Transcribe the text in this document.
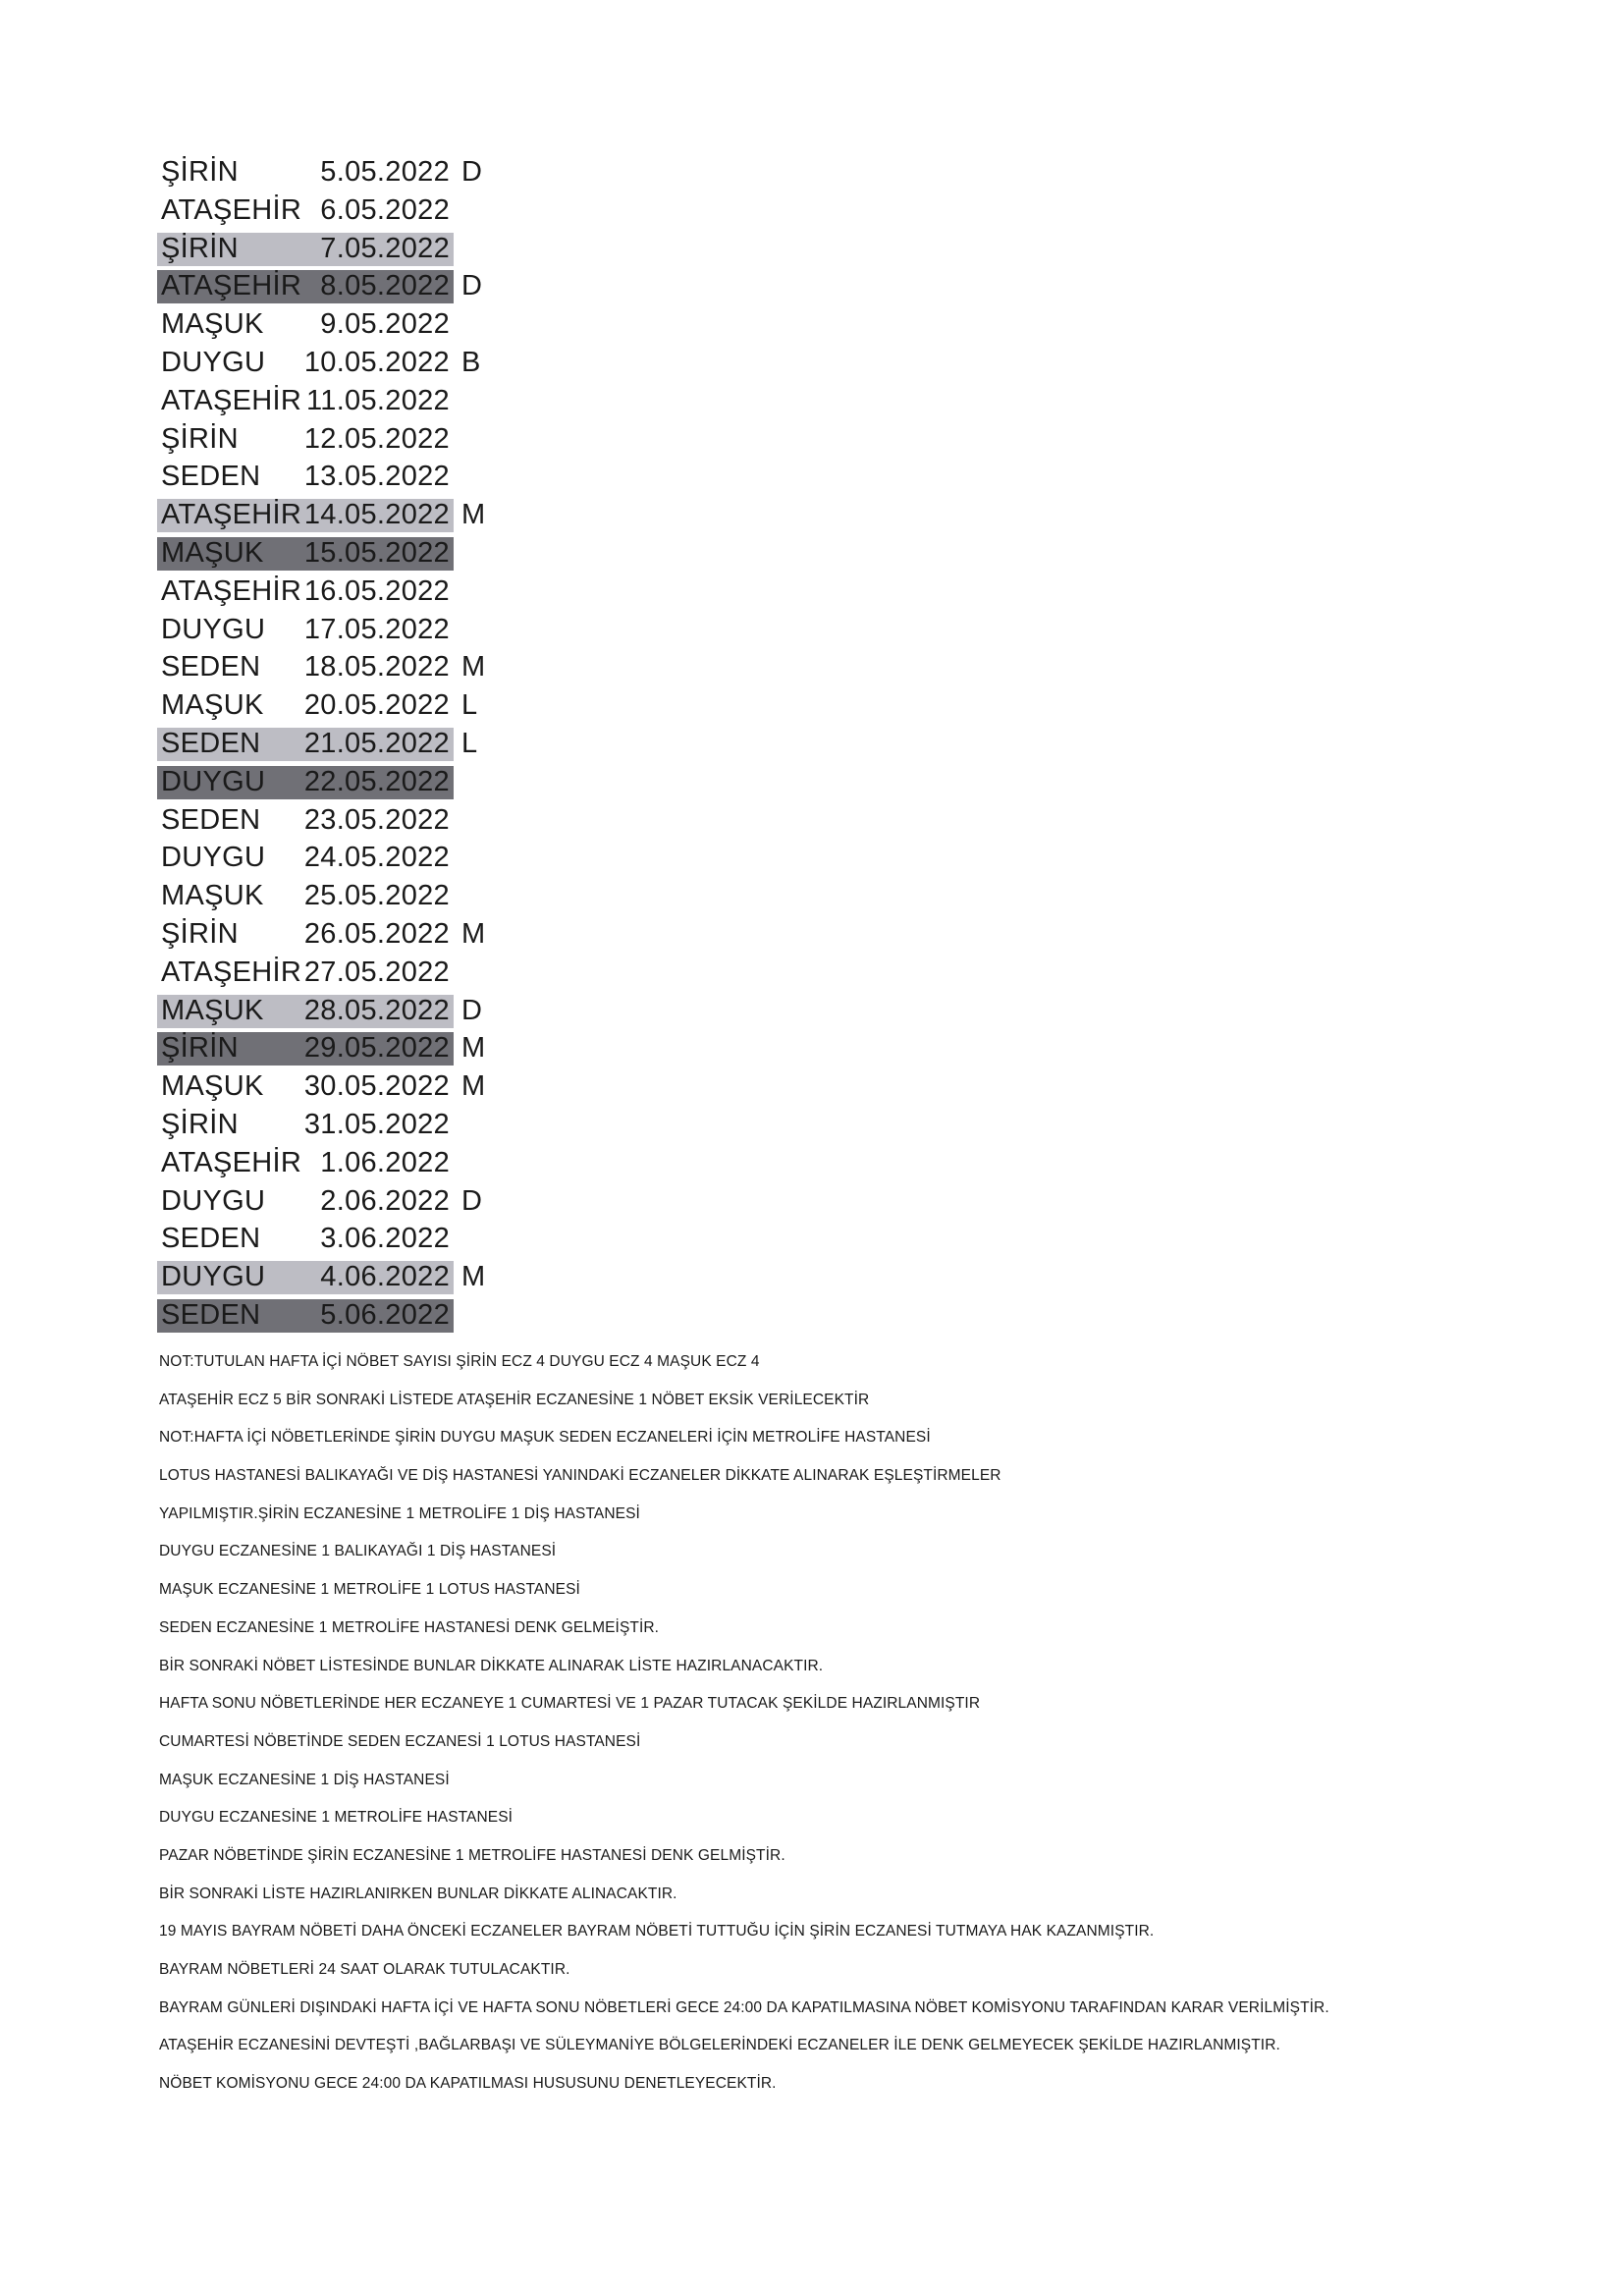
ŞİRİN	5.05.2022 D
ATAŞEHİR 6.05.2022
ŞİRİN	7.05.2022
ATAŞEHİR 8.05.2022 D
MAŞUK	9.05.2022
DUYGU	10.05.2022 B
ATAŞEHİR 11.05.2022
ŞİRİN	12.05.2022
SEDEN	13.05.2022
ATAŞEHİR 14.05.2022 M
MAŞUK	15.05.2022
ATAŞEHİR 16.05.2022
DUYGU	17.05.2022
SEDEN	18.05.2022 M
MAŞUK	20.05.2022 L
SEDEN	21.05.2022 L
DUYGU	22.05.2022
SEDEN	23.05.2022
DUYGU	24.05.2022
MAŞUK	25.05.2022
ŞİRİN	26.05.2022 M
ATAŞEHİR 27.05.2022
MAŞUK	28.05.2022 D
ŞİRİN	29.05.2022 M
MAŞUK	30.05.2022 M
ŞİRİN	31.05.2022
ATAŞEHİR 1.06.2022
DUYGU	2.06.2022 D
SEDEN	3.06.2022
DUYGU	4.06.2022 M
SEDEN	5.06.2022
NOT:TUTULAN HAFTA İÇİ NÖBET SAYISI ŞİRİN ECZ 4 DUYGU ECZ 4 MAŞUK ECZ 4
ATAŞEHİR ECZ 5 BİR SONRAKİ LİSTEDE ATAŞEHİR ECZANESİNE 1 NÖBET EKSİK VERİLECEKTİR
NOT:HAFTA İÇİ NÖBETLERİNDE ŞİRİN DUYGU MAŞUK SEDEN ECZANELERİ İÇİN METROLİFE HASTANESİ
LOTUS HASTANESİ BALIKAYAĞI VE DİŞ HASTANESİ YANINDAKİ ECZANELER DİKKATE ALINARAK EŞLEŞTİRMELER
YAPILMIŞTIR.ŞİRİN ECZANESİNE 1 METROLİFE 1 DİŞ HASTANESİ
DUYGU ECZANESİNE 1 BALIKAYAĞI 1 DİŞ HASTANESİ
MAŞUK ECZANESİNE 1 METROLİFE 1 LOTUS HASTANESİ
SEDEN ECZANESİNE 1 METROLİFE HASTANESİ DENK GELMEİŞTİR.
BİR SONRAKİ NÖBET LİSTESİNDE BUNLAR DİKKATE ALINARAK LİSTE HAZIRLANACAKTIR.
HAFTA SONU NÖBETLERİNDE HER ECZANEYE 1 CUMARTESİ VE 1 PAZAR TUTACAK ŞEKİLDE HAZIRLANMIŞTIR
CUMARTESİ NÖBETİNDE SEDEN ECZANESİ 1 LOTUS HASTANESİ
MAŞUK ECZANESİNE 1 DİŞ HASTANESİ
DUYGU ECZANESİNE 1 METROLİFE HASTANESİ
PAZAR NÖBETİNDE ŞİRİN ECZANESİNE 1 METROLİFE HASTANESİ DENK GELMİŞTİR.
BİR SONRAKİ LİSTE HAZIRLANIRKEN BUNLAR DİKKATE ALINACAKTIR.
19 MAYIS BAYRAM NÖBETİ DAHA ÖNCEKİ ECZANELER BAYRAM NÖBETİ TUTTUĞU İÇİN ŞİRİN ECZANESİ TUTMAYA HAK KAZANMIŞTIR.
BAYRAM NÖBETLERİ 24 SAAT OLARAK TUTULACAKTIR.
BAYRAM GÜNLERİ DIŞINDAKİ HAFTA İÇİ VE HAFTA SONU NÖBETLERİ GECE 24:00 DA KAPATILMASINA NÖBET KOMİSYONU TARAFINDAN KARAR VERİLMİŞTİR.
ATAŞEHİR ECZANESİNİ DEVTEŞTİ ,BAĞLARBAŞI VE SÜLEYMANİYE BÖLGELERİNDEKİ ECZANELER İLE DENK GELMEYECEK ŞEKİLDE HAZIRLANMIŞTIR.
NÖBET KOMİSYONU GECE 24:00 DA KAPATILMASI HUSUSUNU DENETLEYECEKTİR.
